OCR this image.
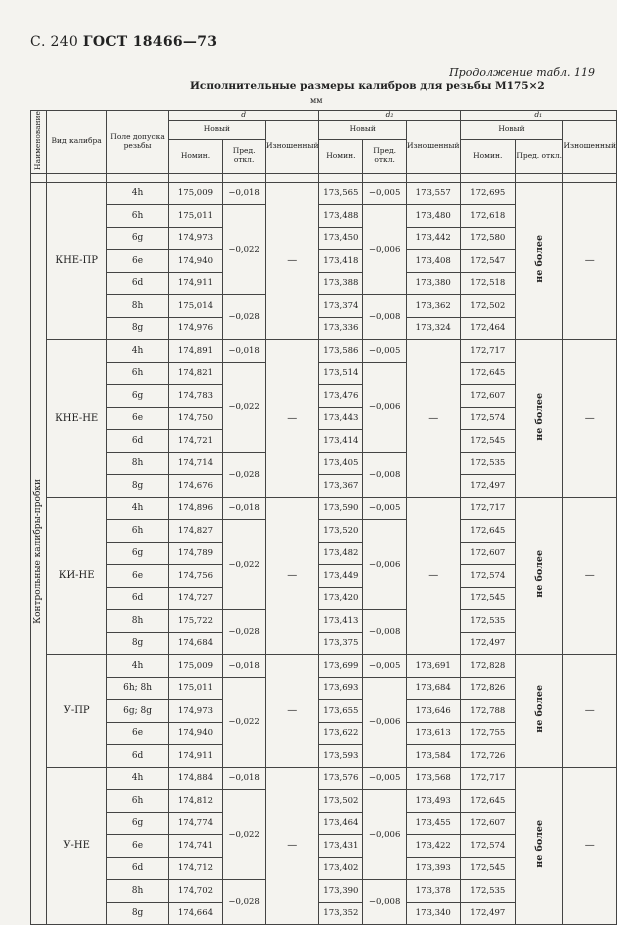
С. 240 ГОСТ 18466—73
Продолжение табл. 119
Исполнительные размеры калибров для резьбы М175×2
мм
Наименование	Вид калибра	Поле допуска резьбы	d			d₂			d₁		
			Новый		Изношенный	Новый		Изношенный	Новый		Изношенный
			Номин.	Пред. откл.		Номин.	Пред. откл.		Номин.	Пред. откл.	

Контрольные калибры-пробки	КНЕ-ПР	4h	175,009	−0,018	—	173,565	−0,005	173,557	172,695	не более	—
		6h	175,011	−0,022		173,488	−0,006	173,480	172,618		
		6g	174,973			173,450		173,442	172,580		
		6e	174,940			173,418		173,408	172,547		
		6d	174,911			173,388		173,380	172,518		
		8h	175,014	−0,028		173,374	−0,008	173,362	172,502		
		8g	174,976			173,336		173,324	172,464		
	КНЕ-НЕ	4h	174,891	−0,018	—	173,586	−0,005	—	172,717	не более	—
		6h	174,821	−0,022		173,514	−0,006		172,645		
		6g	174,783			173,476			172,607		
		6e	174,750			173,443			172,574		
		6d	174,721			173,414			172,545		
		8h	174,714	−0,028		173,405	−0,008		172,535		
		8g	174,676			173,367			172,497		
	КИ-НЕ	4h	174,896	−0,018	—	173,590	−0,005	—	172,717	не более	—
		6h	174,827	−0,022		173,520	−0,006		172,645		
		6g	174,789			173,482			172,607		
		6e	174,756			173,449			172,574		
		6d	174,727			173,420			172,545		
		8h	175,722	−0,028		173,413	−0,008		172,535		
		8g	174,684			173,375			172,497		
	У-ПР	4h	175,009	−0,018	—	173,699	−0,005	173,691	172,828	не более	—
		6h; 8h	175,011	−0,022		173,693	−0,006	173,684	172,826		
		6g; 8g	174,973			173,655		173,646	172,788		
		6e	174,940			173,622		173,613	172,755		
		6d	174,911			173,593		173,584	172,726		
	У-НЕ	4h	174,884	−0,018	—	173,576	−0,005	173,568	172,717	не более	—
		6h	174,812	−0,022		173,502	−0,006	173,493	172,645		
		6g	174,774			173,464		173,455	172,607		
		6e	174,741			173,431		173,422	172,574		
		6d	174,712			173,402		173,393	172,545		
		8h	174,702	−0,028		173,390	−0,008	173,378	172,535		
		8g	174,664			173,352		173,340	172,497		
